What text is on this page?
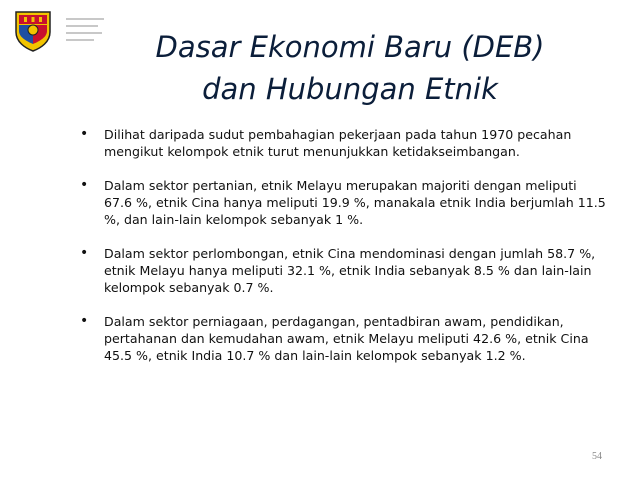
Dasar Ekonomi Baru (DEB)
dan Hubungan Etnik
• Dilihat daripada sudut pembahagian pekerjaan pada tahun 1970 pecahan mengikut kelompok etnik turut menunjukkan ketidakseimbangan.
• Dalam sektor pertanian, etnik Melayu merupakan majoriti dengan meliputi 67.6 %, etnik Cina hanya meliputi 19.9 %, manakala etnik India berjumlah 11.5 %, dan lain-lain kelompok sebanyak 1 %.
• Dalam sektor perlombongan, etnik Cina mendominasi dengan jumlah 58.7 %, etnik Melayu hanya meliputi 32.1 %, etnik India sebanyak 8.5 % dan lain-lain kelompok sebanyak 0.7 %.
• Dalam sektor perniagaan, perdagangan, pentadbiran awam, pendidikan, pertahanan dan kemudahan awam, etnik Melayu meliputi 42.6 %, etnik Cina 45.5 %, etnik India 10.7 % dan lain-lain kelompok sebanyak 1.2 %.
54
